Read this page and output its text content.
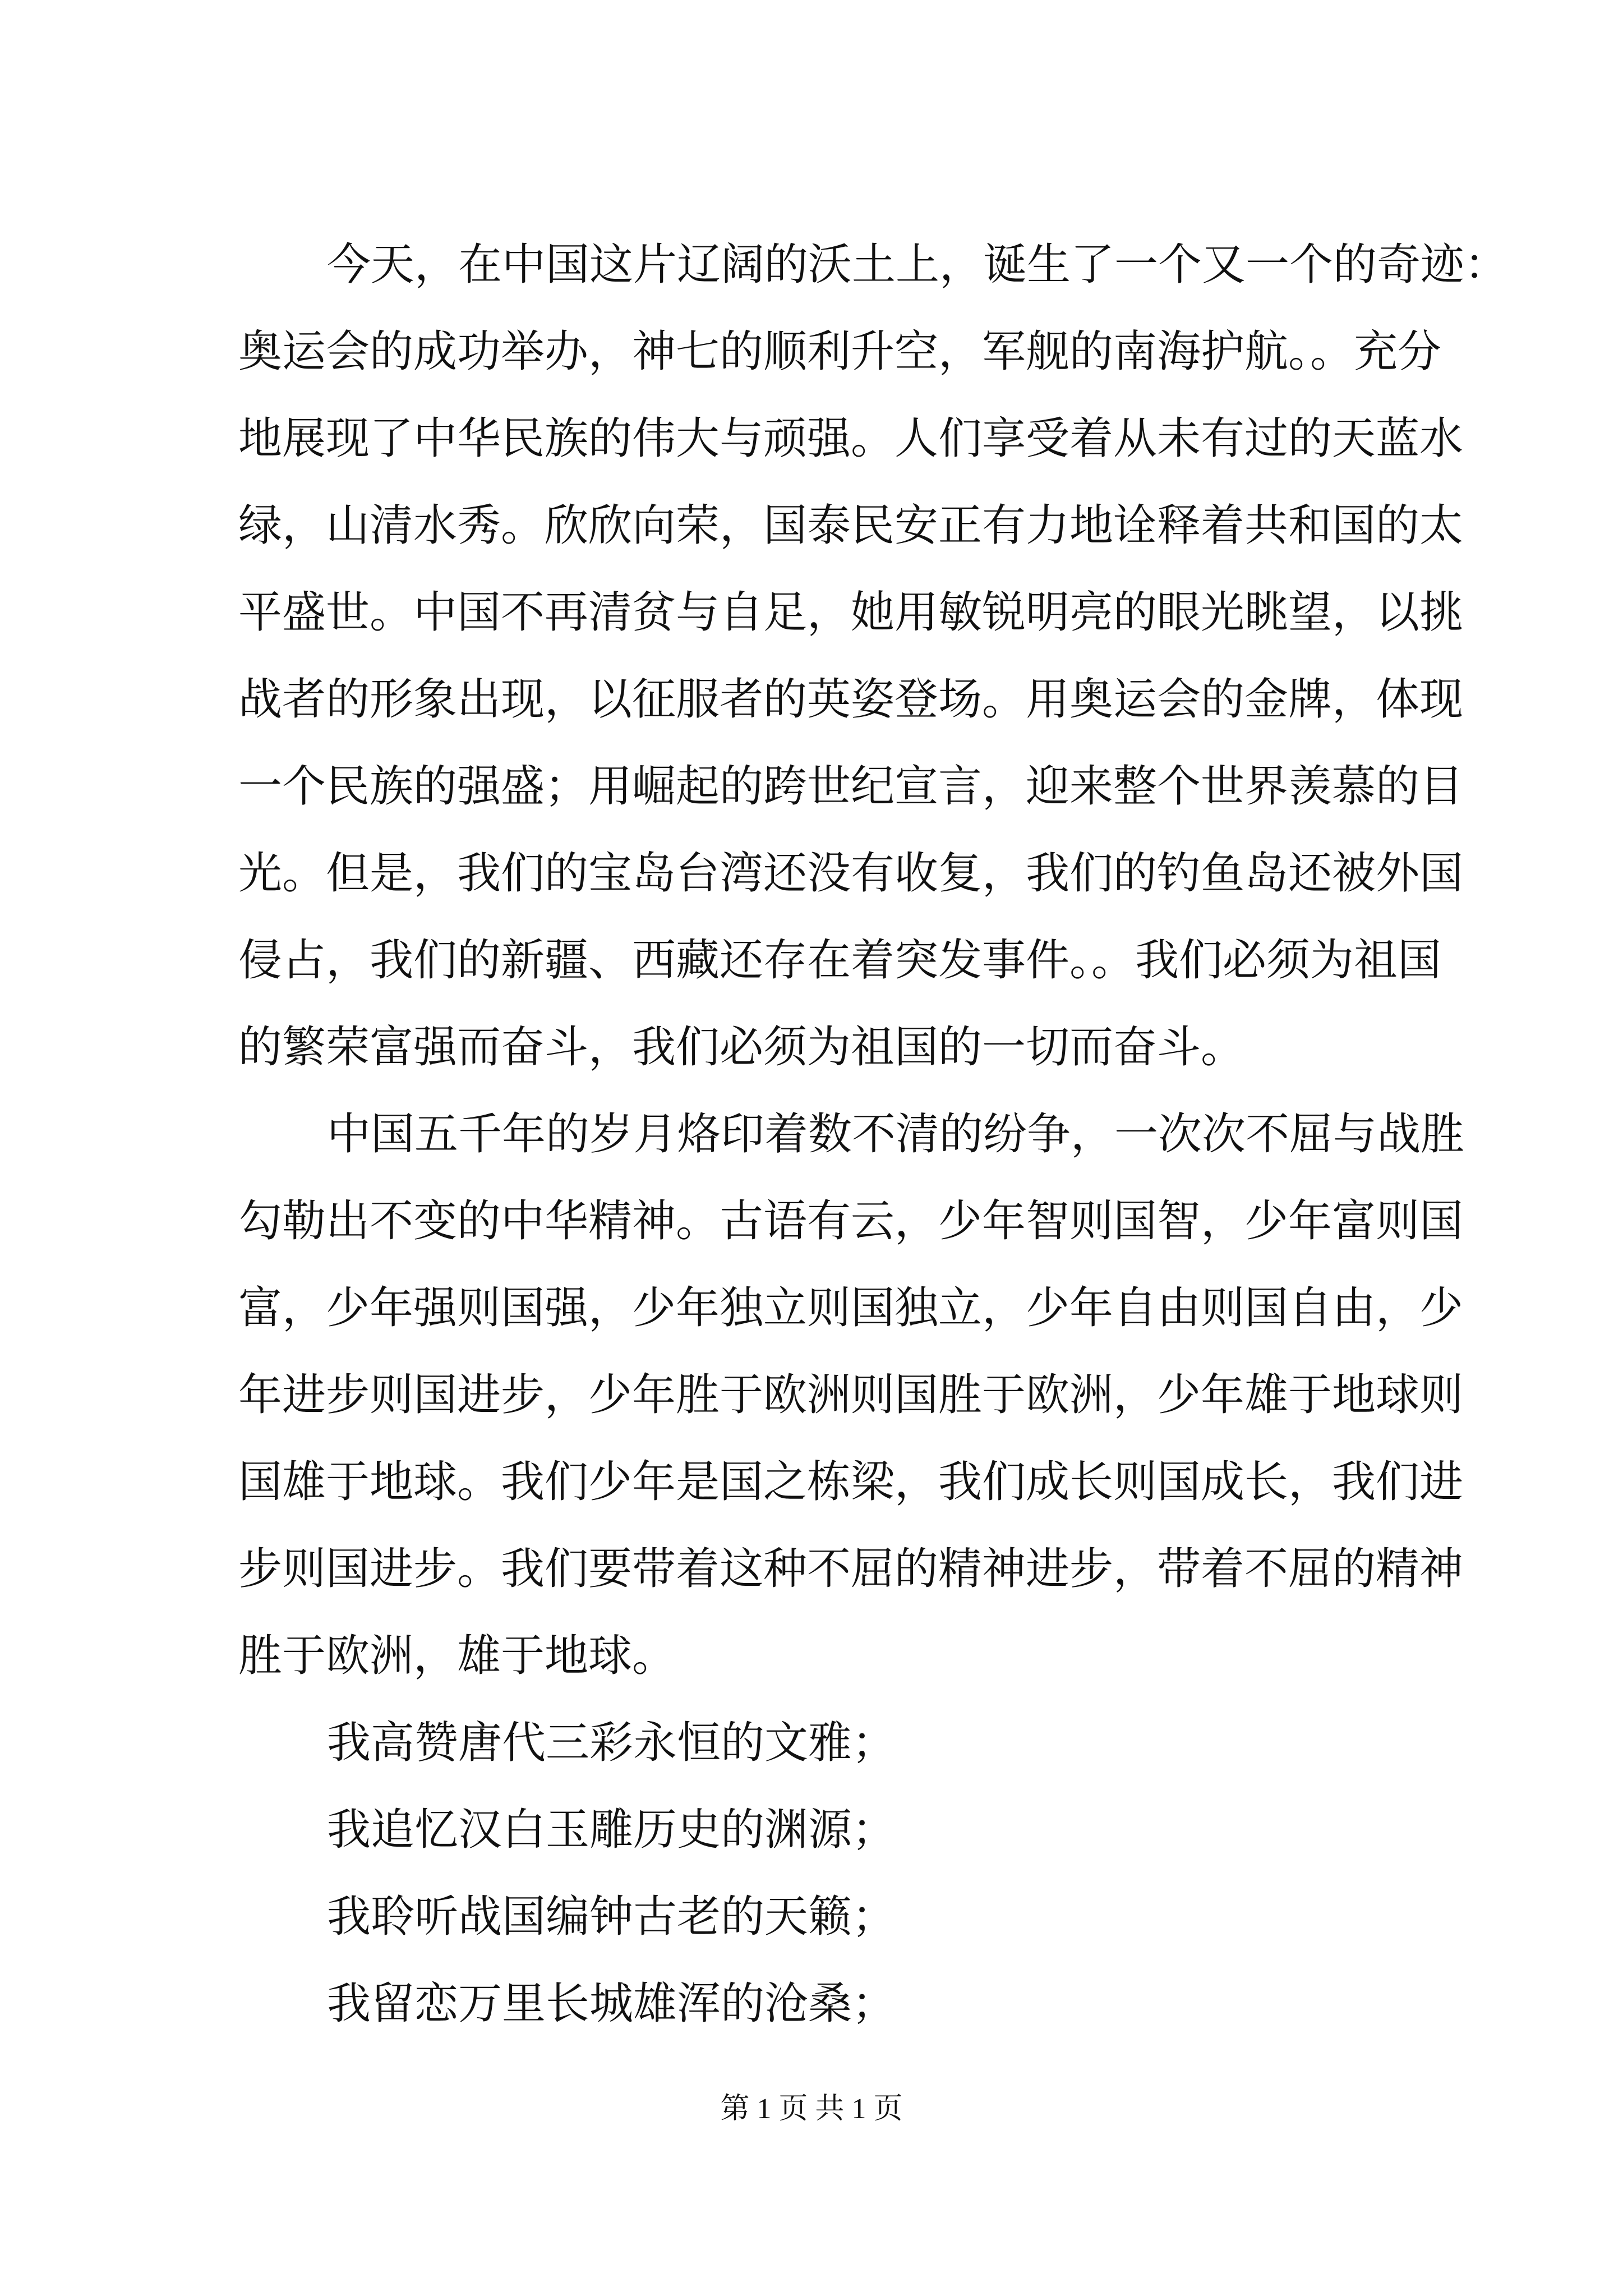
今天，在中国这片辽阔的沃土上，诞生了一个又一个的奇迹：
奥运会的成功举办，神七的顺利升空，军舰的南海护航。。充分
地展现了中华民族的伟大与顽强。人们享受着从未有过的天蓝水
绿，山清水秀。欣欣向荣，国泰民安正有力地诠释着共和国的太
平盛世。中国不再清贫与自足，她用敏锐明亮的眼光眺望，以挑
战者的形象出现，以征服者的英姿登场。用奥运会的金牌，体现
一个民族的强盛；用崛起的跨世纪宣言，迎来整个世界羡慕的目
光。但是，我们的宝岛台湾还没有收复，我们的钓鱼岛还被外国
侵占，我们的新疆、西藏还存在着突发事件。。我们必须为祖国
的繁荣富强而奋斗，我们必须为祖国的一切而奋斗。
中国五千年的岁月烙印着数不清的纷争，一次次不屈与战胜
勾勒出不变的中华精神。古语有云，少年智则国智，少年富则国
富，少年强则国强，少年独立则国独立，少年自由则国自由，少
年进步则国进步，少年胜于欧洲则国胜于欧洲，少年雄于地球则
国雄于地球。我们少年是国之栋梁，我们成长则国成长，我们进
步则国进步。我们要带着这种不屈的精神进步，带着不屈的精神
胜于欧洲，雄于地球。
我高赞唐代三彩永恒的文雅；
我追忆汉白玉雕历史的渊源；
我聆听战国编钟古老的天籁；
我留恋万里长城雄浑的沧桑；
第 1 页 共 1 页
